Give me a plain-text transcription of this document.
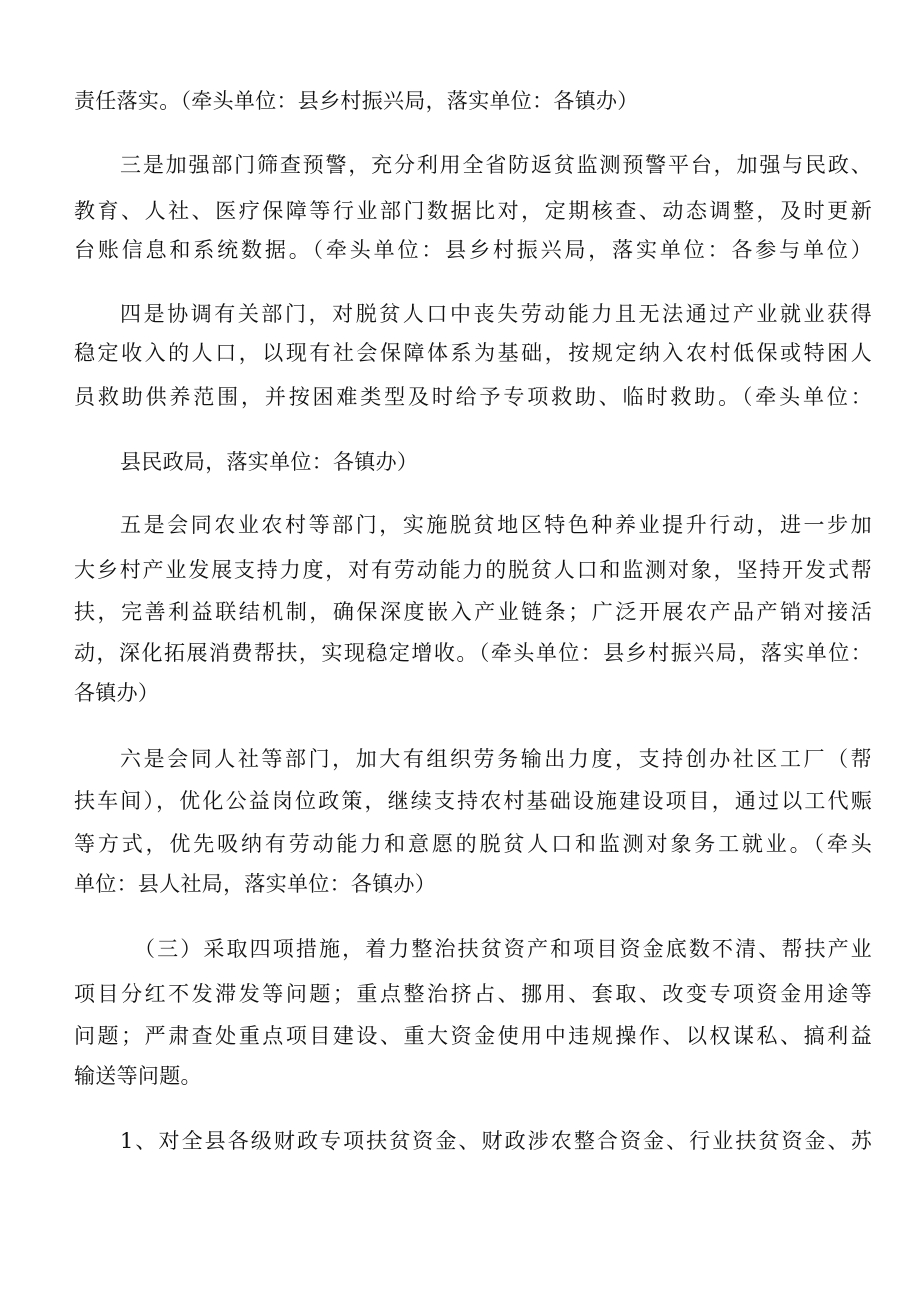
责任落实。（牵头单位：县乡村振兴局，落实单位：各镇办）
三是加强部门筛查预警，充分利用全省防返贫监测预警平台，加强与民政、
教育、人社、医疗保障等行业部门数据比对，定期核查、动态调整，及时更新
台账信息和系统数据。（牵头单位：县乡村振兴局，落实单位：各参与单位）
四是协调有关部门，对脱贫人口中丧失劳动能力且无法通过产业就业获得
稳定收入的人口，以现有社会保障体系为基础，按规定纳入农村低保或特困人
员救助供养范围，并按困难类型及时给予专项救助、临时救助。（牵头单位：
县民政局，落实单位：各镇办）
五是会同农业农村等部门，实施脱贫地区特色种养业提升行动，进一步加
大乡村产业发展支持力度，对有劳动能力的脱贫人口和监测对象，坚持开发式帮
扶，完善利益联结机制，确保深度嵌入产业链条；广泛开展农产品产销对接活
动，深化拓展消费帮扶，实现稳定增收。（牵头单位：县乡村振兴局，落实单位：
各镇办）
六是会同人社等部门，加大有组织劳务输出力度，支持创办社区工厂（帮
扶车间），优化公益岗位政策，继续支持农村基础设施建设项目，通过以工代赈
等方式，优先吸纳有劳动能力和意愿的脱贫人口和监测对象务工就业。（牵头
单位：县人社局，落实单位：各镇办）
（三）采取四项措施，着力整治扶贫资产和项目资金底数不清、帮扶产业
项目分红不发滞发等问题；重点整治挤占、挪用、套取、改变专项资金用途等
问题；严肃查处重点项目建设、重大资金使用中违规操作、以权谋私、搞利益
输送等问题。
1、对全县各级财政专项扶贫资金、财政涉农整合资金、行业扶贫资金、苏
